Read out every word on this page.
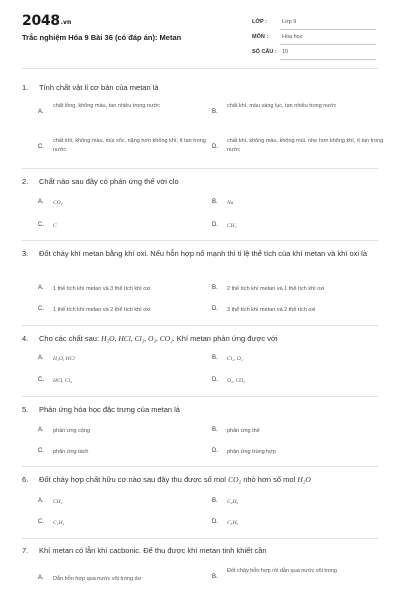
2048.vn
Trắc nghiệm Hóa 9 Bài 36 (có đáp án): Metan
LỚP :	Lớp 9
MÔN :	Hóa học
SỐ CÂU : 10
1. Tính chất vật lí cơ bản của metan là
A.
chất lỏng, không màu, tan nhiều trong nước
B.
chất khí, màu vàng lục, tan nhiều trong nước
C.
chất khí, không màu, mùi xốc, nặng hơn không khí, ít tan trong nước	D.
chất khí, không màu, không mùi, nhẹ hơn không khí, ít tan trong nước
2. Chất nào sau đây có phản ứng thế với clo
A. CO₂	B. Na
C. C	D. CH₄
3. Đốt cháy khí metan bằng khí oxi. Nếu hỗn hợp nổ mạnh thì tỉ lệ thể tích của khí metan và khí oxi là
A. 1 thể tích khí metan và 3 thể tích khí oxi	B. 2 thể tích khí metan và 1 thể tích khí oxi
C. 1 thể tích khí metan và 2 thể tích khí oxi	D. 3 thể tích khí metan và 2 thể tích oxi
4. Cho các chất sau: H₂O, HCl, Cl₂, O₂, CO₂. Khí metan phản ứng được với
A. H₂O, HCl	B. Cl₂, O₂
C. HCl, Cl₂	D. O₂, CO₂
5. Phản ứng hóa học đặc trưng của metan là
A. phản ứng cộng	B. phản ứng thế
C. phản ứng tách	D. phản ứng trùng hợp
6. Đốt cháy hợp chất hữu cơ nào sau đây thu được số mol CO₂ nhỏ hơn số mol H₂O
A. CH₄	B. C₂H₆
C. C₂H₄	D. C₆H₆
7. Khí metan có lẫn khí cacbonic. Để thu được khí metan tinh khiết cần
A. Dẫn hỗn hợp qua nước vôi trong dư	B.
Đốt cháy hỗn hợp rồi dẫn qua nước vôi trong
